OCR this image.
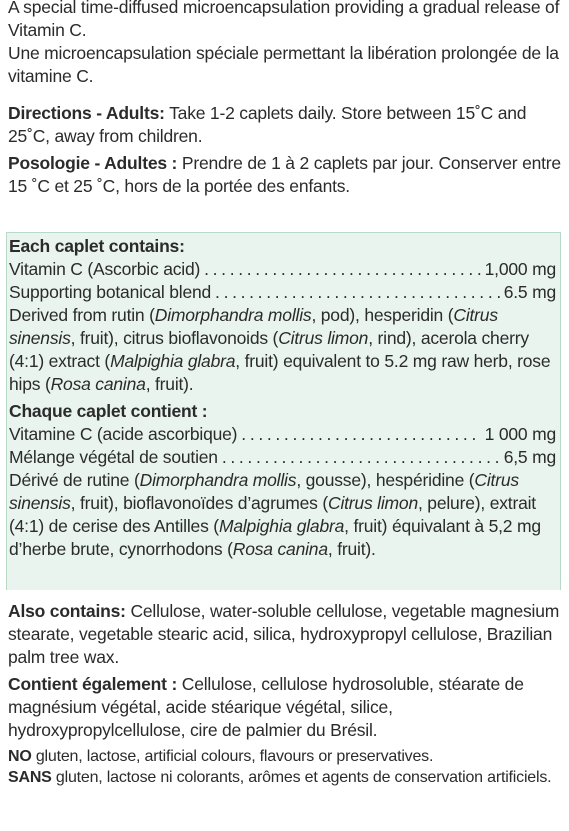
A special time-diffused microencapsulation providing a gradual release of Vitamin C.

Une microencapsulation spéciale permettant la libération prolongée de la vitamine C.

Directions - Adults: Take 1-2 caplets daily. Store between 15˚C and 25˚C, away from children.

Posologie - Adultes : Prendre de 1 à 2 caplets par jour. Conserver entre 15 ˚C et 25 ˚C, hors de la portée des enfants.

Each caplet contains:

Vitamin C (Ascorbic acid) . . .	1,000 mg
Supporting botanical blend . . .	6.5 mg

Derived from rutin (Dimorphandra mollis, pod), hesperidin (Citrus sinensis, fruit), citrus bioflavonoids (Citrus limon, rind), acerola cherry (4:1) extract (Malpighia glabra, fruit) equivalent to 5.2 mg raw herb, rose hips (Rosa canina, fruit).

Chaque caplet contient :

Vitamine C (acide ascorbique) . . .	1 000 mg
Mélange végétal de soutien . . .	6,5 mg

Dérivé de rutine (Dimorphandra mollis, gousse), hespéridine (Citrus sinensis, fruit), bioflavonoïdes d’agrumes (Citrus limon, pelure), extrait (4:1) de cerise des Antilles (Malpighia glabra, fruit) équivalant à 5,2 mg d’herbe brute, cynorrhodons (Rosa canina, fruit).

Also contains: Cellulose, water-soluble cellulose, vegetable magnesium stearate, vegetable stearic acid, silica, hydroxypropyl cellulose, Brazilian palm tree wax.

Contient également : Cellulose, cellulose hydrosoluble, stéarate de magnésium végétal, acide stéarique végétal, silice, hydroxypropylcellulose, cire de palmier du Brésil.

NO gluten, lactose, artificial colours, flavours or preservatives.

SANS gluten, lactose ni colorants, arômes et agents de conservation artificiels.
